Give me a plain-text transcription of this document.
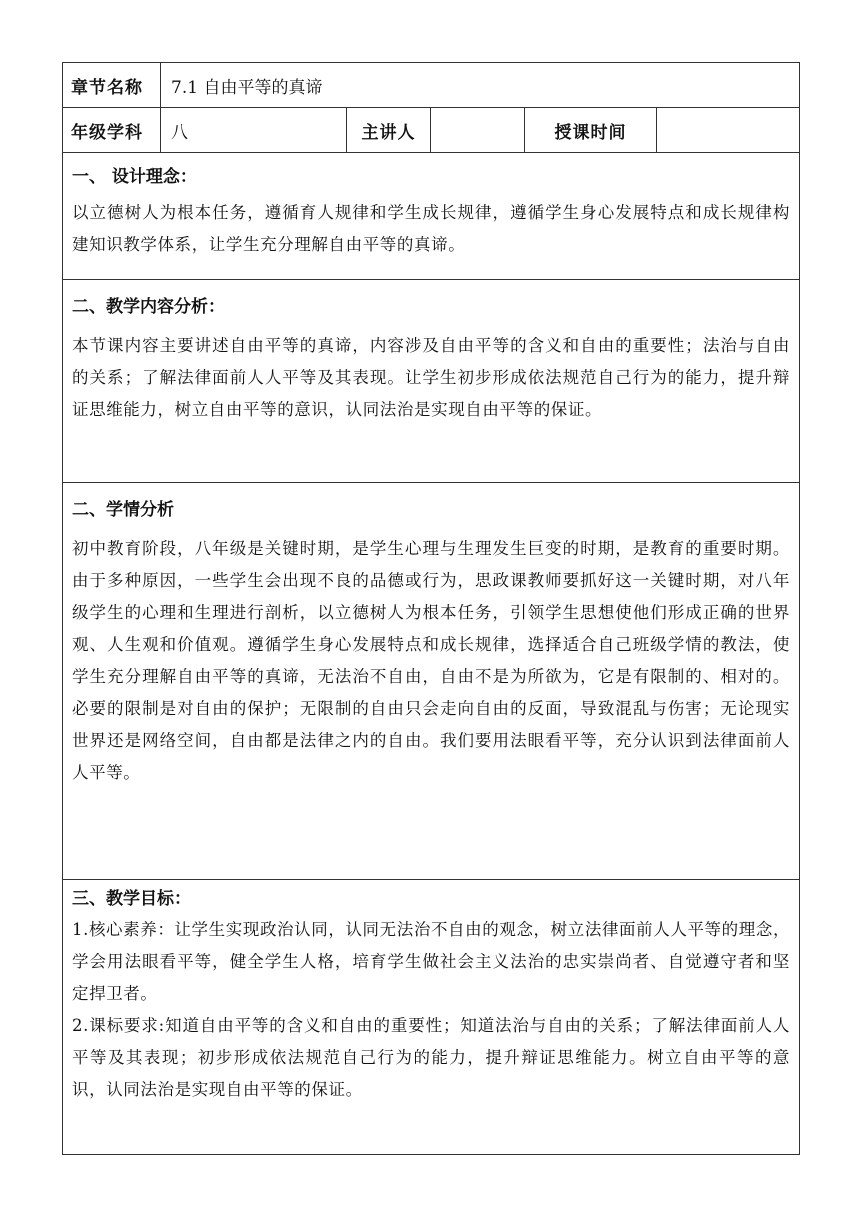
章节名称	7.1 自由平等的真谛				
年级学科	八	主讲人		授课时间	

一、 设计理念：

以立德树人为根本任务，遵循育人规律和学生成长规律，遵循学生身心发展特点和成长规律构建知识教学体系，让学生充分理解自由平等的真谛。					

二、教学内容分析：

本节课内容主要讲述自由平等的真谛，内容涉及自由平等的含义和自由的重要性；法治与自由的关系；了解法律面前人人平等及其表现。让学生初步形成依法规范自己行为的能力，提升辩证思维能力，树立自由平等的意识，认同法治是实现自由平等的保证。					

二、学情分析

初中教育阶段，八年级是关键时期，是学生心理与生理发生巨变的时期，是教育的重要时期。由于多种原因，一些学生会出现不良的品德或行为，思政课教师要抓好这一关键时期，对八年级学生的心理和生理进行剖析，以立德树人为根本任务，引领学生思想使他们形成正确的世界观、人生观和价值观。遵循学生身心发展特点和成长规律，选择适合自己班级学情的教法，使学生充分理解自由平等的真谛，无法治不自由，自由不是为所欲为，它是有限制的、相对的。必要的限制是对自由的保护；无限制的自由只会走向自由的反面，导致混乱与伤害；无论现实世界还是网络空间，自由都是法律之内的自由。我们要用法眼看平等，充分认识到法律面前人人平等。					

三、教学目标：

1.核心素养：让学生实现政治认同，认同无法治不自由的观念，树立法律面前人人平等的理念，学会用法眼看平等，健全学生人格，培育学生做社会主义法治的忠实崇尚者、自觉遵守者和坚定捍卫者。

2.课标要求:知道自由平等的含义和自由的重要性；知道法治与自由的关系；了解法律面前人人平等及其表现；初步形成依法规范自己行为的能力，提升辩证思维能力。树立自由平等的意识，认同法治是实现自由平等的保证。					
